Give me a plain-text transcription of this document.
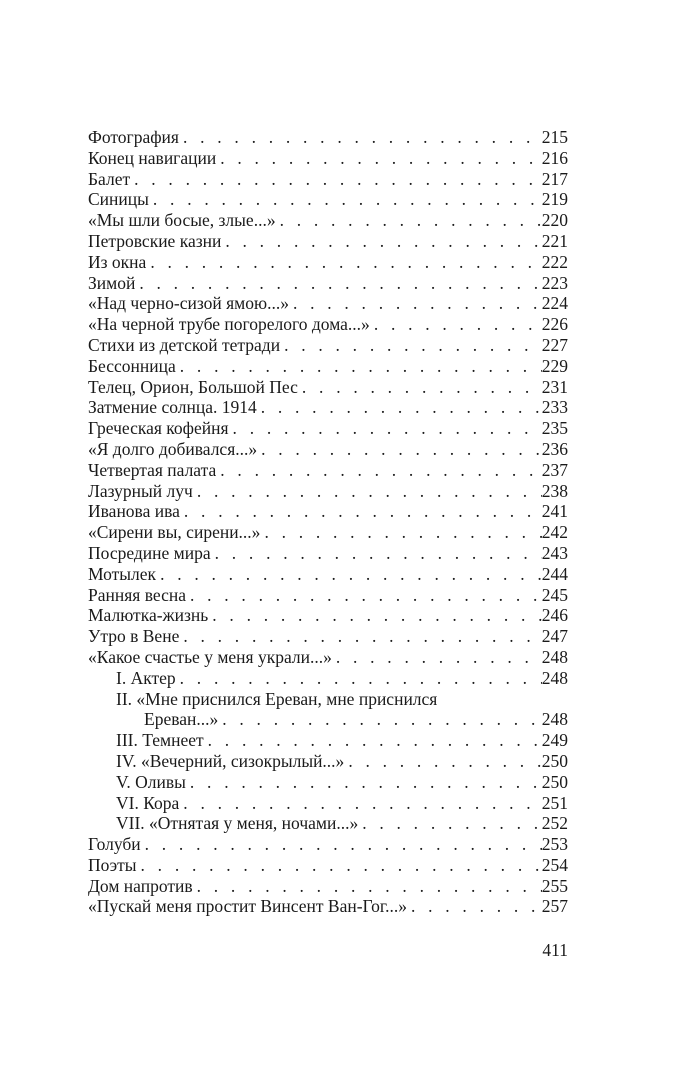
Фотография . . .	215
Конец навигации . . .	216
Балет . . .	217
Синицы . . .	219
«Мы шли босые, злые...» . . .	220
Петровские казни . . .	221
Из окна . . .	222
Зимой . . .	223
«Над черно-сизой ямою...» . . .	224
«На черной трубе погорелого дома...» . . .	226
Стихи из детской тетради . . .	227
Бессонница . . .	229
Телец, Орион, Большой Пес . . .	231
Затмение солнца. 1914 . . .	233
Греческая кофейня . . .	235
«Я долго добивался...» . . .	236
Четвертая палата . . .	237
Лазурный луч . . .	238
Иванова ива . . .	241
«Сирени вы, сирени...» . . .	242
Посредине мира . . .	243
Мотылек . . .	244
Ранняя весна . . .	245
Малютка-жизнь . . .	246
Утро в Вене . . .	247
«Какое счастье у меня украли...» . . .	248
I. Актер . . .	248
II. «Мне приснился Ереван, мне приснился
Ереван...» . . .	248
III. Темнеет . . .	249
IV. «Вечерний, сизокрылый...» . . .	250
V. Оливы . . .	250
VI. Кора . . .	251
VII. «Отнятая у меня, ночами...» . . .	252
Голуби . . .	253
Поэты . . .	254
Дом напротив . . .	255
«Пускай меня простит Винсент Ван-Гог...» . . .	257
411
